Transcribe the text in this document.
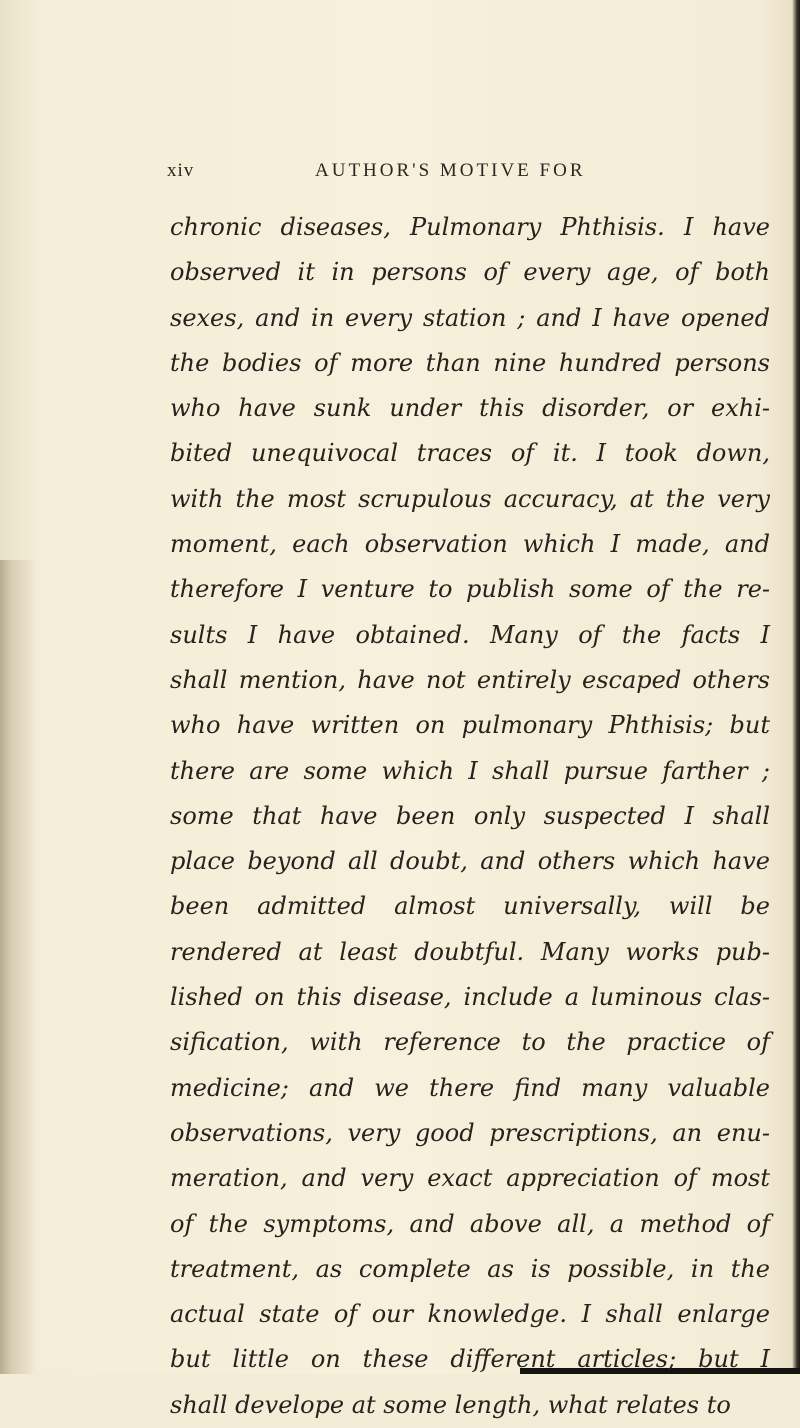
xiv	AUTHOR'S MOTIVE FOR
chronic diseases, Pulmonary Phthisis. I have
observed it in persons of every age, of both
sexes, and in every station ; and I have opened
the bodies of more than nine hundred persons
who have sunk under this disorder, or exhi-
bited unequivocal traces of it. I took down,
with the most scrupulous accuracy, at the very
moment, each observation which I made, and
therefore I venture to publish some of the re-
sults I have obtained. Many of the facts I
shall mention, have not entirely escaped others
who have written on pulmonary Phthisis; but
there are some which I shall pursue farther ;
some that have been only suspected I shall
place beyond all doubt, and others which have
been admitted almost universally, will be
rendered at least doubtful. Many works pub-
lished on this disease, include a luminous clas-
sification, with reference to the practice of
medicine; and we there find many valuable
observations, very good prescriptions, an enu-
meration, and very exact appreciation of most
of the symptoms, and above all, a method of
treatment, as complete as is possible, in the
actual state of our knowledge. I shall enlarge
but little on these different articles; but I
shall develope at some length, what relates to
